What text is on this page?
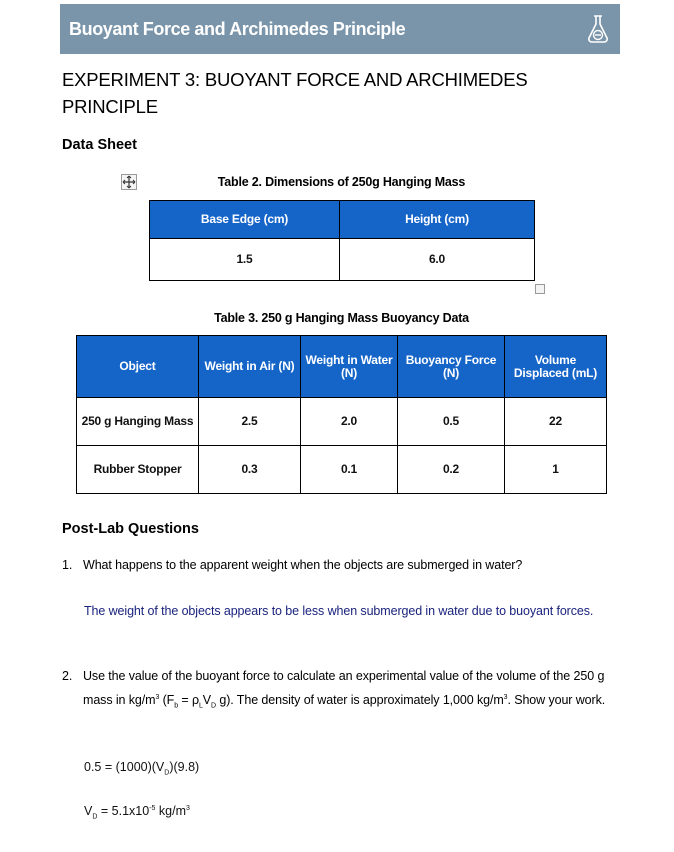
Buoyant Force and Archimedes Principle
EXPERIMENT 3: BUOYANT FORCE AND ARCHIMEDES PRINCIPLE
Data Sheet
Table 2. Dimensions of 250g Hanging Mass
Base Edge (cm)	Height (cm)
1.5	6.0
Table 3. 250 g Hanging Mass Buoyancy Data
Object	Weight in Air (N)	Weight in Water (N)	Buoyancy Force (N)	Volume Displaced (mL)
250 g Hanging Mass	2.5	2.0	0.5	22
Rubber Stopper	0.3	0.1	0.2	1
Post-Lab Questions
1. What happens to the apparent weight when the objects are submerged in water?
The weight of the objects appears to be less when submerged in water due to buoyant forces.
2. Use the value of the buoyant force to calculate an experimental value of the volume of the 250 g mass in $kg/m^3$ ($F_b = \rho_LV_D$ g). The density of water is approximately 1,000 $kg/m^3$. Show your work.
$0.5 = (1000)(V_D)(9.8)$
$V_D = 5.1x10^{-5}$ $kg/m^3$
